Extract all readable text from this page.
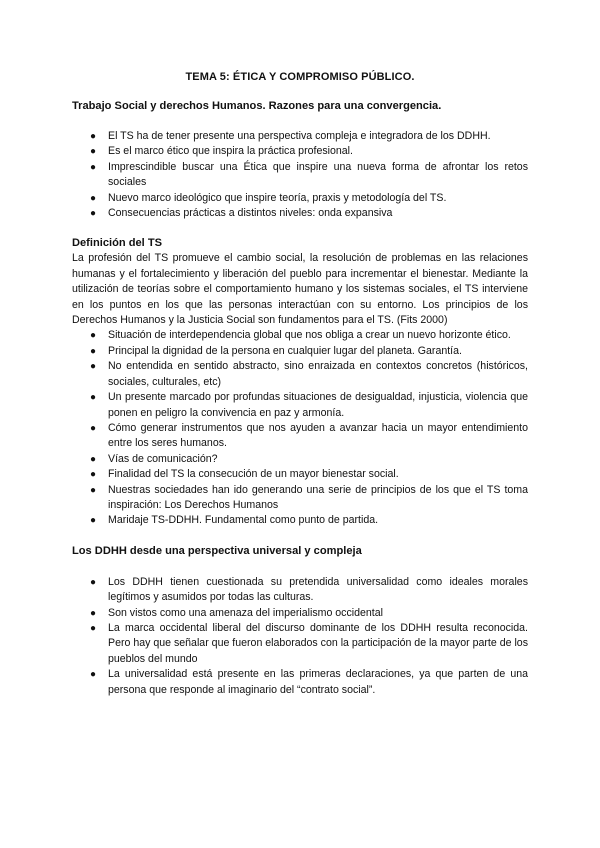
TEMA 5: ÉTICA Y COMPROMISO PÚBLICO.
Trabajo Social y derechos Humanos. Razones para una convergencia.
● El TS ha de tener presente una perspectiva compleja e integradora de los DDHH.
● Es el marco ético que inspira la práctica profesional.
● Imprescindible buscar una Ética que inspire una nueva forma de afrontar los retos sociales
● Nuevo marco ideológico que inspire teoría, praxis y metodología del TS.
● Consecuencias prácticas a distintos niveles: onda expansiva
Definición del TS

La profesión del TS promueve el cambio social, la resolución de problemas en las relaciones humanas y el fortalecimiento y liberación del pueblo para incrementar el bienestar. Mediante la utilización de teorías sobre el comportamiento humano y los sistemas sociales, el TS interviene en los puntos en los que las personas interactúan con su entorno. Los principios de los Derechos Humanos y la Justicia Social son fundamentos para el TS. (Fits 2000)

● Situación de interdependencia global que nos obliga a crear un nuevo horizonte ético.
● Principal la dignidad de la persona en cualquier lugar del planeta. Garantía.
● No entendida en sentido abstracto, sino enraizada en contextos concretos (históricos, sociales, culturales, etc)
● Un presente marcado por profundas situaciones de desigualdad, injusticia, violencia que ponen en peligro la convivencia en paz y armonía.
● Cómo generar instrumentos que nos ayuden a avanzar hacia un mayor entendimiento entre los seres humanos.
● Vías de comunicación?
● Finalidad del TS la consecución de un mayor bienestar social.
● Nuestras sociedades han ido generando una serie de principios de los que el TS toma inspiración: Los Derechos Humanos
● Maridaje TS-DDHH. Fundamental como punto de partida.
Los DDHH desde una perspectiva universal y compleja
● Los DDHH tienen cuestionada su pretendida universalidad como ideales morales legítimos y asumidos por todas las culturas.
● Son vistos como una amenaza del imperialismo occidental
● La marca occidental liberal del discurso dominante de los DDHH resulta reconocida. Pero hay que señalar que fueron elaborados con la participación de la mayor parte de los pueblos del mundo
● La universalidad está presente en las primeras declaraciones, ya que parten de una persona que responde al imaginario del “contrato social”.
